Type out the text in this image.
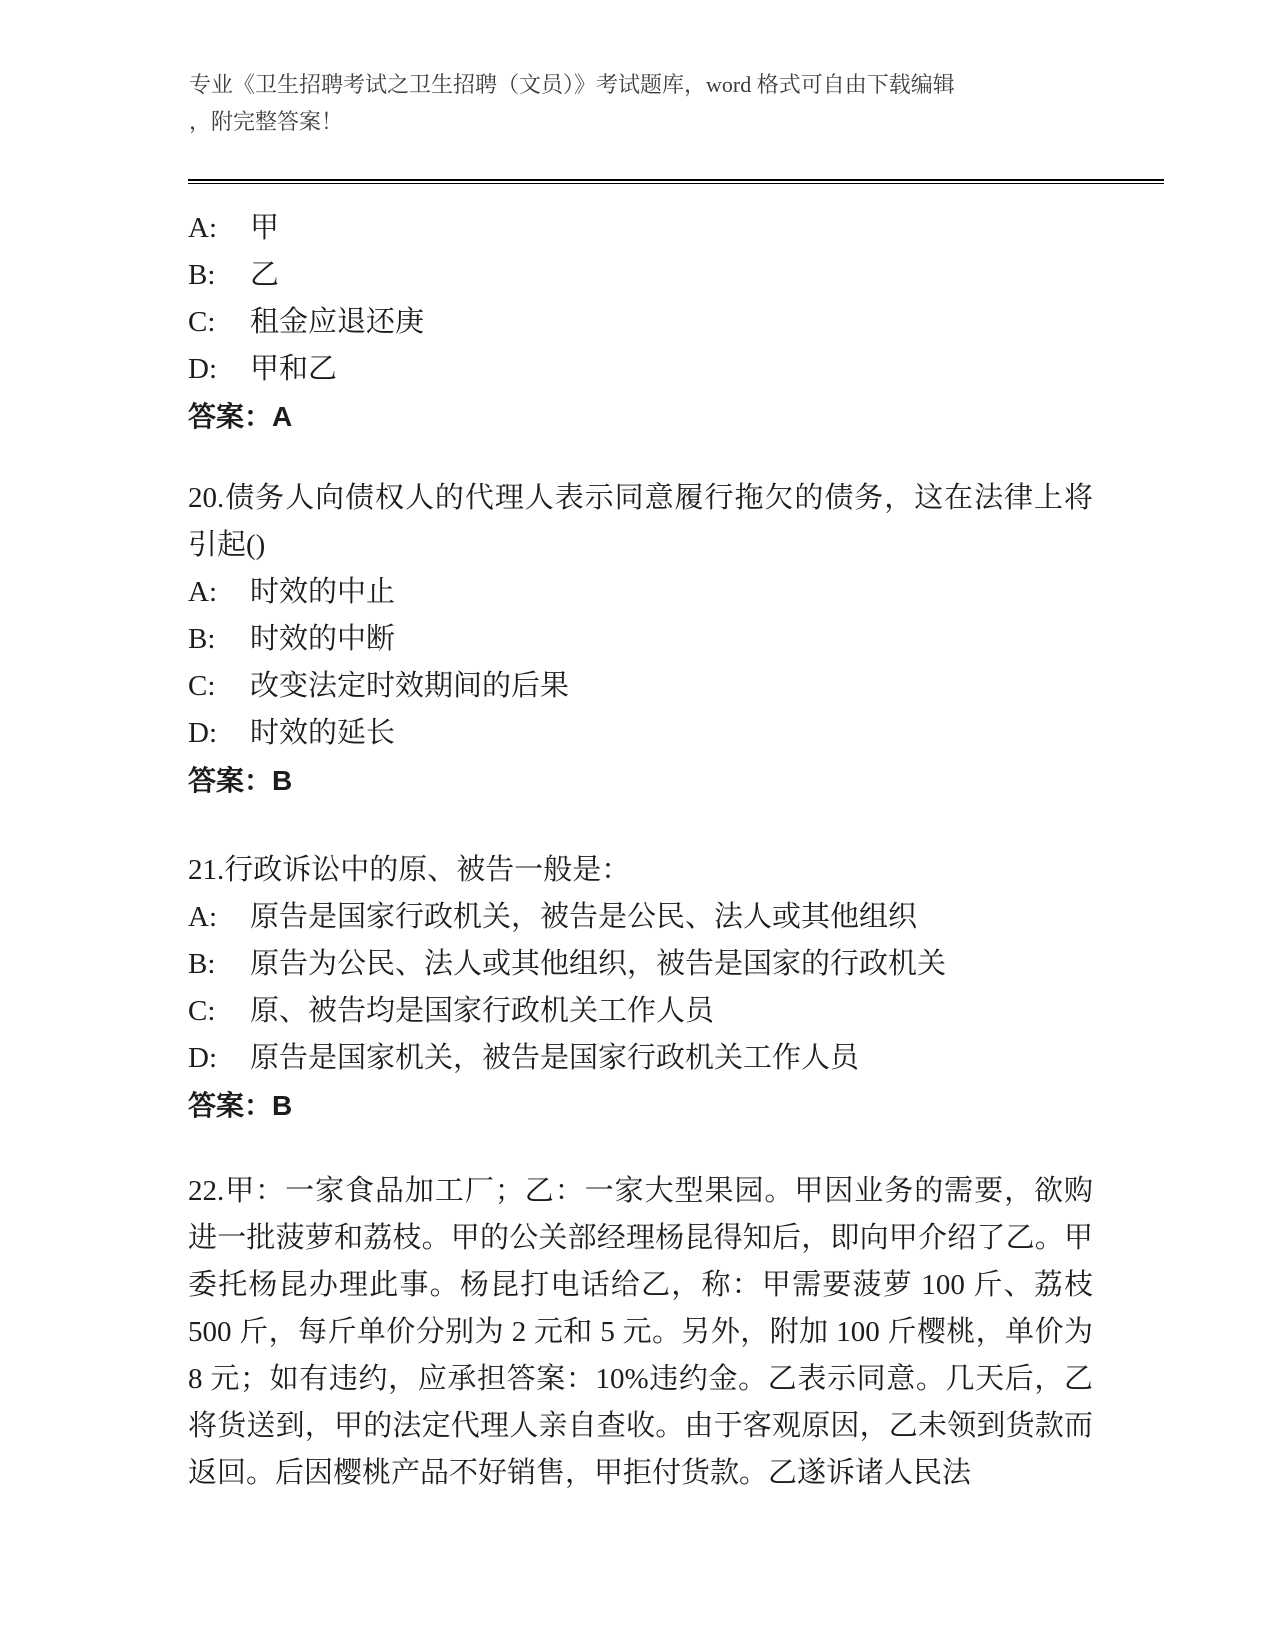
专业《卫生招聘考试之卫生招聘（文员）》考试题库，word 格式可自由下载编辑
，附完整答案！
A:	甲
B:	乙
C:	租金应退还庚
D:	甲和乙
答案：A
20.债务人向债权人的代理人表示同意履行拖欠的债务，这在法律上将引起()
A:	时效的中止
B:	时效的中断
C:	改变法定时效期间的后果
D:	时效的延长
答案：B
21.行政诉讼中的原、被告一般是：
A:	原告是国家行政机关，被告是公民、法人或其他组织
B:	原告为公民、法人或其他组织，被告是国家的行政机关
C:	原、被告均是国家行政机关工作人员
D:	原告是国家机关，被告是国家行政机关工作人员
答案：B
22.甲：一家食品加工厂；乙：一家大型果园。甲因业务的需要，欲购进一批菠萝和荔枝。甲的公关部经理杨昆得知后，即向甲介绍了乙。甲委托杨昆办理此事。杨昆打电话给乙，称：甲需要菠萝 100 斤、荔枝 500 斤，每斤单价分别为 2 元和 5 元。另外，附加 100 斤樱桃，单价为 8 元；如有违约，应承担答案：10%违约金。乙表示同意。几天后，乙将货送到，甲的法定代理人亲自查收。由于客观原因，乙未领到货款而返回。后因樱桃产品不好销售，甲拒付货款。乙遂诉诸人民法
